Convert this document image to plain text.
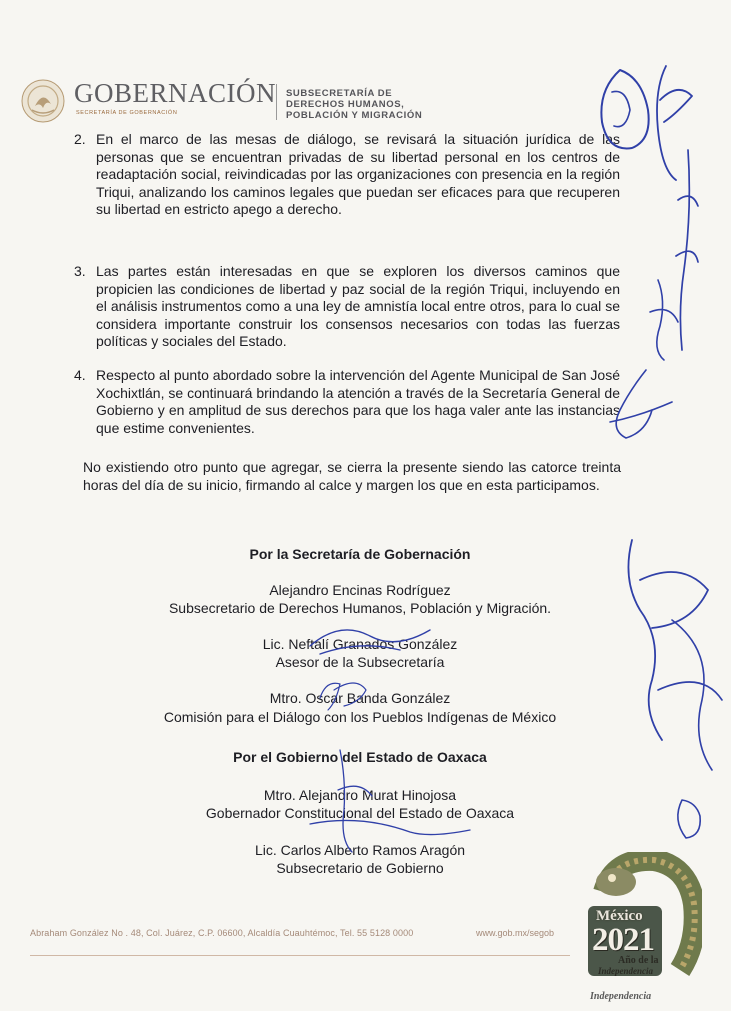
GOBERNACIÓN
SECRETARÍA DE GOBERNACIÓN
SUBSECRETARÍA DE
DERECHOS HUMANOS,
POBLACIÓN Y MIGRACIÓN
2. En el marco de las mesas de diálogo, se revisará la situación jurídica de las personas que se encuentran privadas de su libertad personal en los centros de readaptación social, reivindicadas por las organizaciones con presencia en la región Triqui, analizando los caminos legales que puedan ser eficaces para que recuperen su libertad en estricto apego a derecho.
3. Las partes están interesadas en que se exploren los diversos caminos que propicien las condiciones de libertad y paz social de la región Triqui, incluyendo en el análisis instrumentos como a una ley de amnistía local entre otros, para lo cual se considera importante construir los consensos necesarios con todas las fuerzas políticas y sociales del Estado.
4. Respecto al punto abordado sobre la intervención del Agente Municipal de San José Xochixtlán, se continuará brindando la atención a través de la Secretaría General de Gobierno y en amplitud de sus derechos para que los haga valer ante las instancias que estime convenientes.
No existiendo otro punto que agregar, se cierra la presente siendo las catorce treinta horas del día de su inicio, firmando al calce y margen los que en esta participamos.
Por la Secretaría de Gobernación
Alejandro Encinas Rodríguez
Subsecretario de Derechos Humanos, Población y Migración.
Lic. Neftalí Granados González
Asesor de la Subsecretaría
Mtro. Oscar Banda González
Comisión para el Diálogo con los Pueblos Indígenas de México
Por el Gobierno del Estado de Oaxaca
Mtro. Alejandro Murat Hinojosa
Gobernador Constitucional del Estado de Oaxaca
Lic. Carlos Alberto Ramos Aragón
Subsecretario de Gobierno
Abraham González No . 48, Col. Juárez, C.P. 06600, Alcaldía Cuauhtémoc, Tel. 55 5128 0000	www.gob.mx/segob
México
2021
Año de la
Independencia
Independencia
